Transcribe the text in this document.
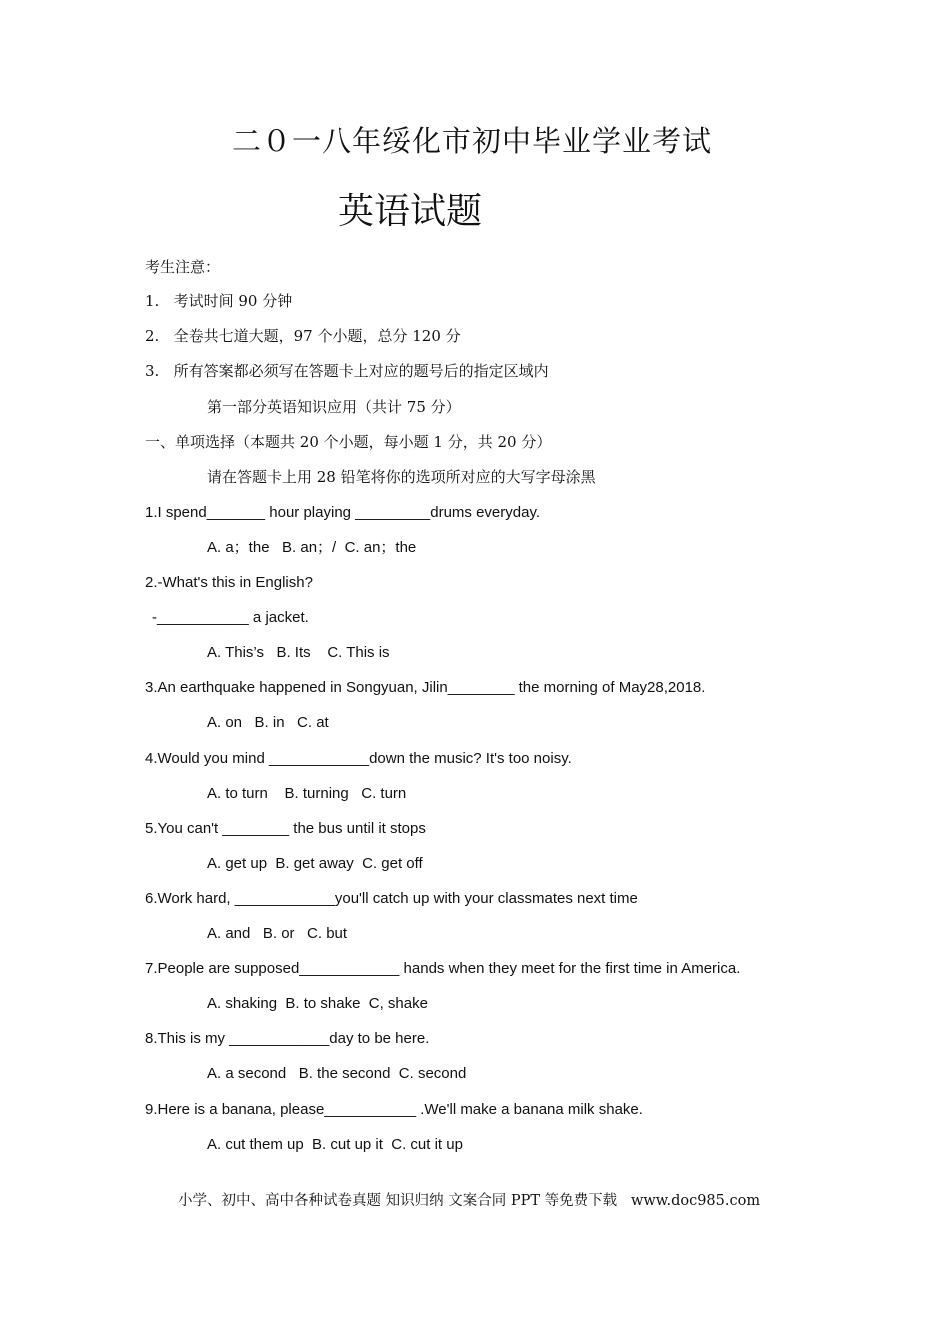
二０一八年绥化市初中毕业学业考试
英语试题
考生注意：
1.   考试时间 90 分钟
2.   全卷共七道大题，97 个小题，总分 120 分
3.   所有答案都必须写在答题卡上对应的题号后的指定区域内
第一部分英语知识应用（共计 75 分）
一、单项选择（本题共 20 个小题，每小题 1 分，共 20 分）
请在答题卡上用 28 铅笔将你的选项所对应的大写字母涂黑
1.I spend_______ hour playing _________drums everyday.
A. a；the   B. an；/  C. an；the
2.-What's this in English?
-___________ a jacket.
A. This’s   B. Its    C. This is
3.An earthquake happened in Songyuan, Jilin________ the morning of May28,2018.
A. on   B. in   C. at
4.Would you mind ____________down the music? It's too noisy.
A. to turn    B. turning   C. turn
5.You can't ________ the bus until it stops
A. get up  B. get away  C. get off
6.Work hard, ____________you'll catch up with your classmates next time
A. and   B. or   C. but
7.People are supposed____________ hands when they meet for the first time in America.
A. shaking  B. to shake  C, shake
8.This is my ____________day to be here.
A. a second   B. the second  C. second
9.Here is a banana, please___________ .We'll make a banana milk shake.
A. cut them up  B. cut up it  C. cut it up
小学、初中、高中各种试卷真题 知识归纳 文案合同 PPT 等免费下载   www.doc985.com
